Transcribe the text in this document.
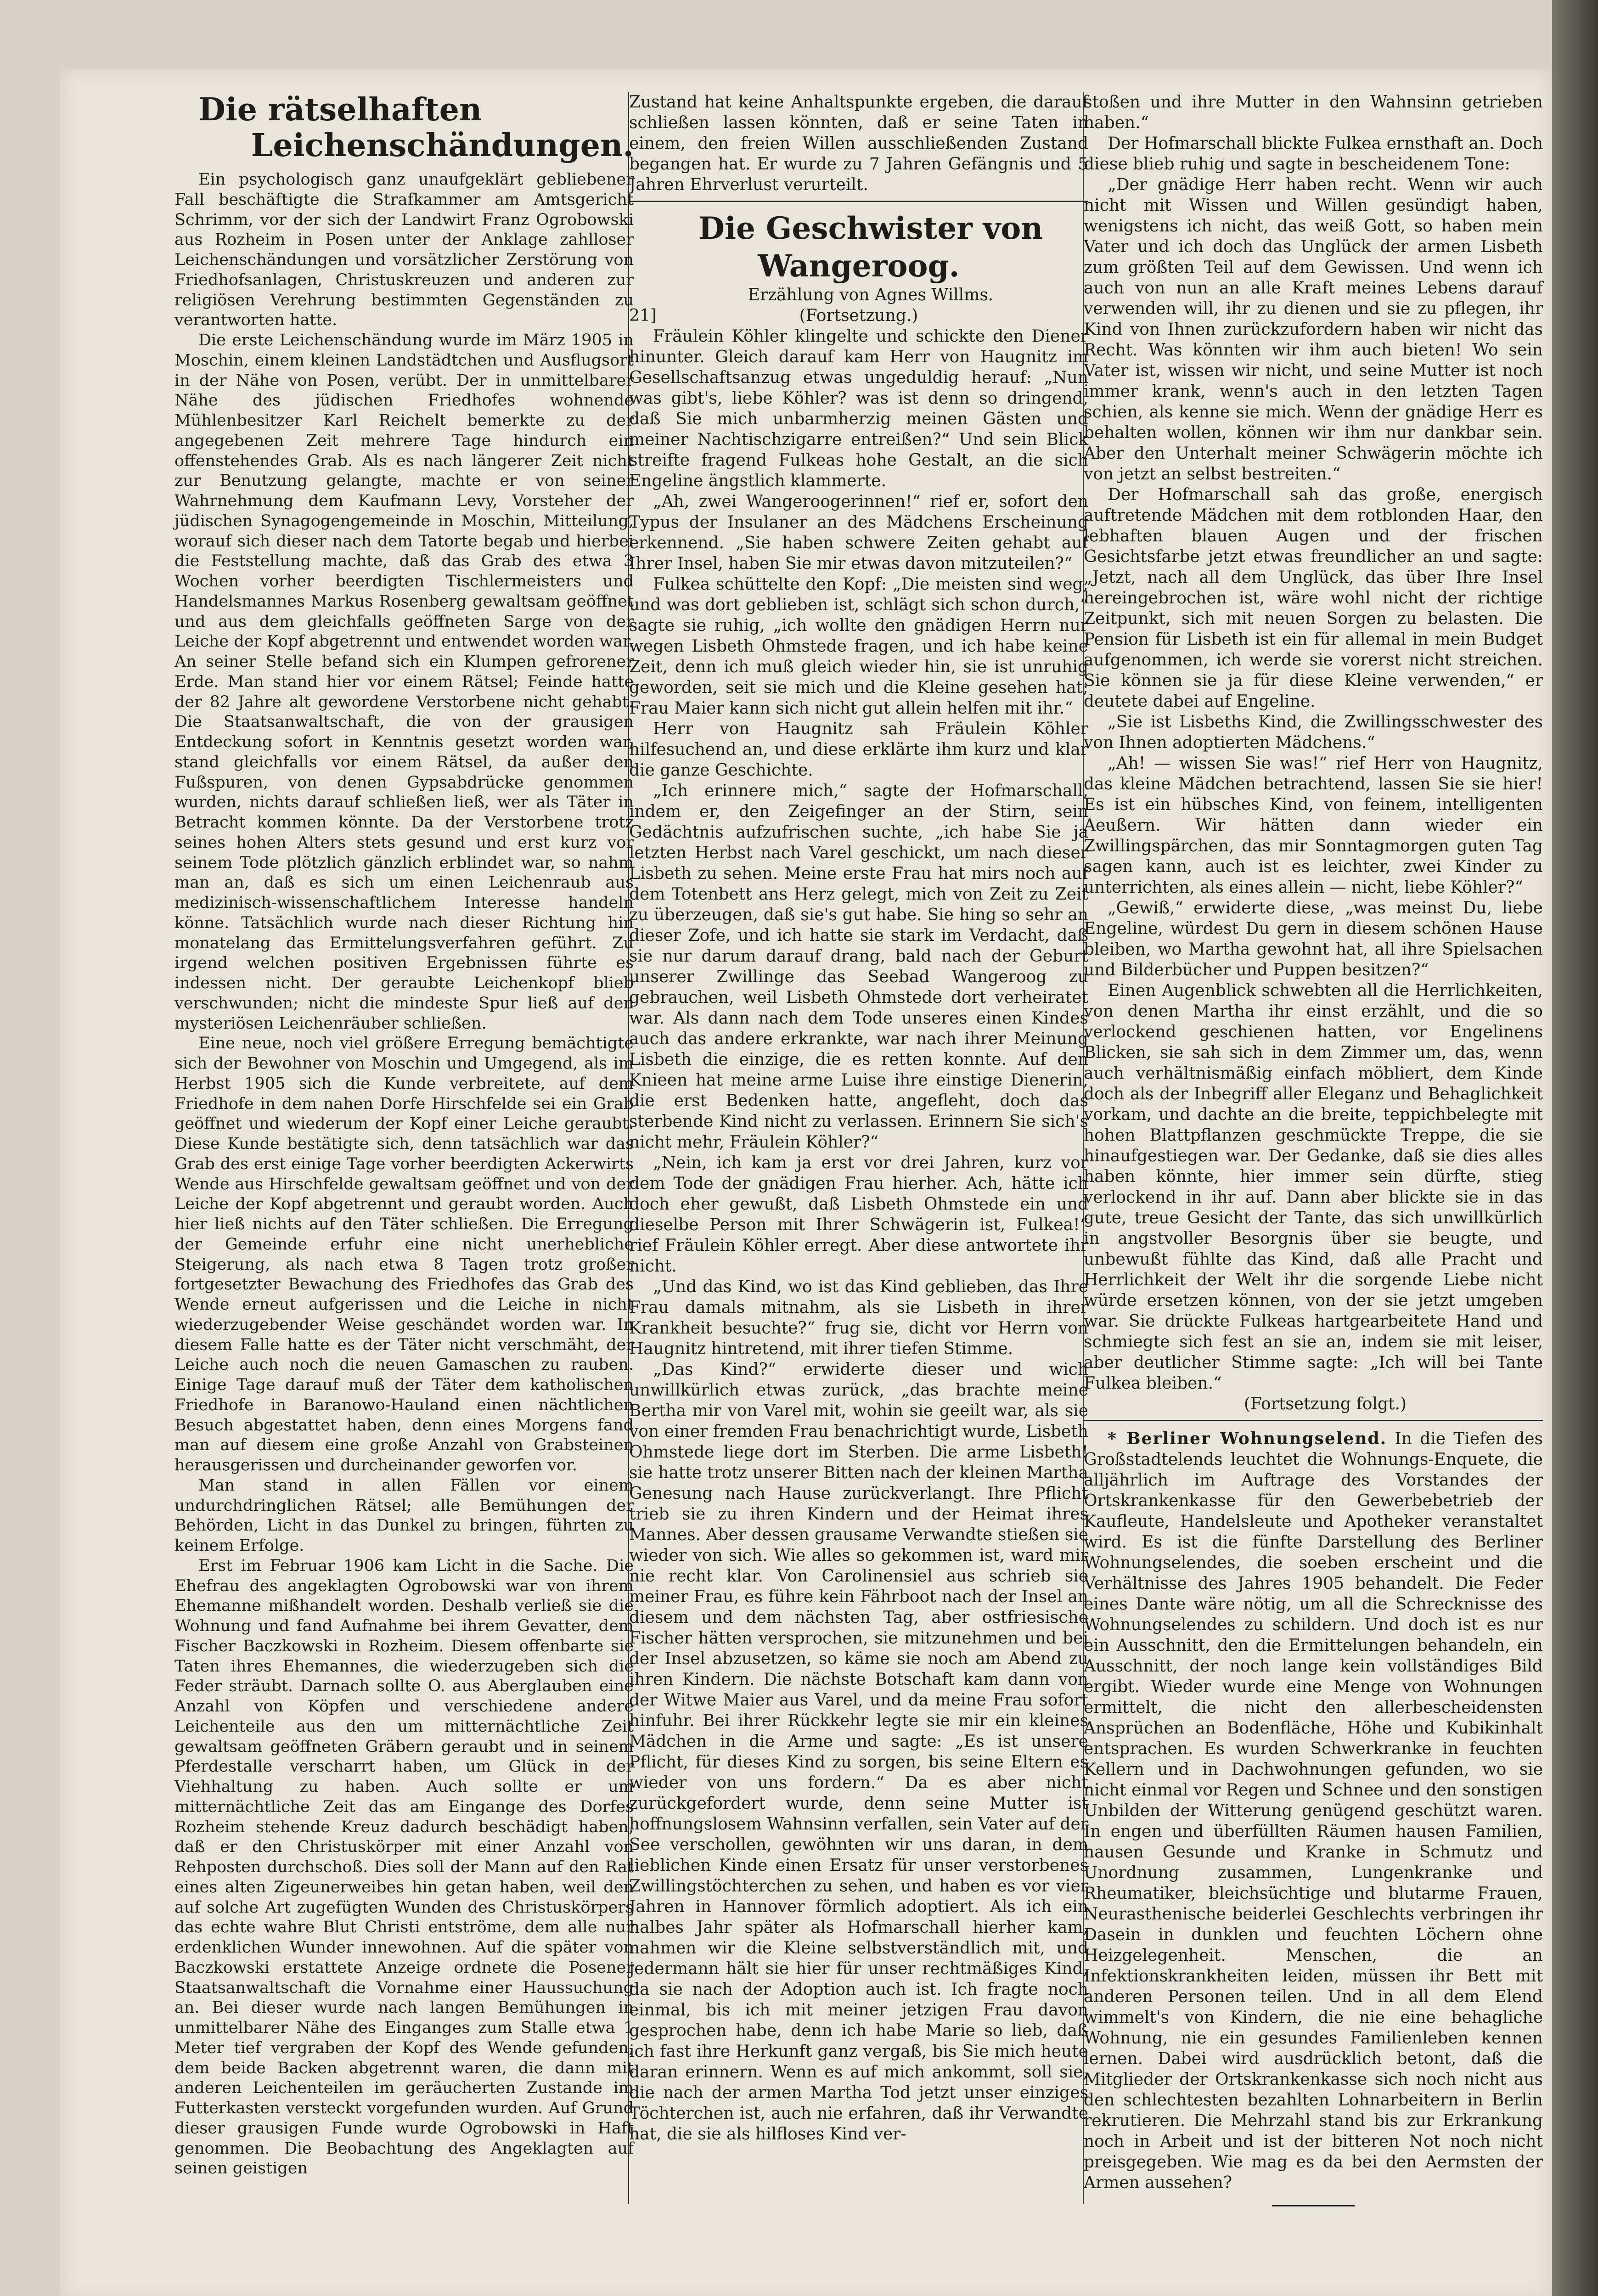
Die rätselhaften

Leichenschändungen.

Ein psychologisch ganz unaufgeklärt gebliebener Fall beschäftigte die Strafkammer am Amtsgericht Schrimm, vor der sich der Landwirt Franz Ogrobowski aus Rozheim in Posen unter der Anklage zahlloser Leichenschändungen und vorsätzlicher Zerstörung von Friedhofsanlagen, Christuskreuzen und anderen zur religiösen Verehrung bestimmten Gegenständen zu verantworten hatte.

Die erste Leichenschändung wurde im März 1905 in Moschin, einem kleinen Landstädtchen und Ausflugsort in der Nähe von Posen, verübt. Der in unmittelbarer Nähe des jüdischen Friedhofes wohnende Mühlenbesitzer Karl Reichelt bemerkte zu der angegebenen Zeit mehrere Tage hindurch ein offenstehendes Grab. Als es nach längerer Zeit nicht zur Benutzung gelangte, machte er von seiner Wahrnehmung dem Kaufmann Levy, Vorsteher der jüdischen Synagogengemeinde in Moschin, Mitteilung, worauf sich dieser nach dem Tatorte begab und hierbei die Feststellung machte, daß das Grab des etwa 3 Wochen vorher beerdigten Tischlermeisters und Handelsmannes Markus Rosenberg gewaltsam geöffnet und aus dem gleichfalls geöffneten Sarge von der Leiche der Kopf abgetrennt und entwendet worden war. An seiner Stelle befand sich ein Klumpen gefrorener Erde. Man stand hier vor einem Rätsel; Feinde hatte der 82 Jahre alt gewordene Verstorbene nicht gehabt. Die Staatsanwaltschaft, die von der grausigen Entdeckung sofort in Kenntnis gesetzt worden war, stand gleichfalls vor einem Rätsel, da außer den Fußspuren, von denen Gypsabdrücke genommen wurden, nichts darauf schließen ließ, wer als Täter in Betracht kommen könnte. Da der Verstorbene trotz seines hohen Alters stets gesund und erst kurz vor seinem Tode plötzlich gänzlich erblindet war, so nahm man an, daß es sich um einen Leichenraub aus medizinisch-wissenschaftlichem Interesse handeln könne. Tatsächlich wurde nach dieser Richtung hin monatelang das Ermittelungsverfahren geführt. Zu irgend welchen positiven Ergebnissen führte es indessen nicht. Der geraubte Leichenkopf blieb verschwunden; nicht die mindeste Spur ließ auf den mysteriösen Leichenräuber schließen.

Eine neue, noch viel größere Erregung bemächtigte sich der Bewohner von Moschin und Umgegend, als im Herbst 1905 sich die Kunde verbreitete, auf dem Friedhofe in dem nahen Dorfe Hirschfelde sei ein Grab geöffnet und wiederum der Kopf einer Leiche geraubt. Diese Kunde bestätigte sich, denn tatsächlich war das Grab des erst einige Tage vorher beerdigten Ackerwirts Wende aus Hirschfelde gewaltsam geöffnet und von der Leiche der Kopf abgetrennt und geraubt worden. Auch hier ließ nichts auf den Täter schließen. Die Erregung der Gemeinde erfuhr eine nicht unerhebliche Steigerung, als nach etwa 8 Tagen trotz großer fortgesetzter Bewachung des Friedhofes das Grab des Wende erneut aufgerissen und die Leiche in nicht wiederzugebender Weise geschändet worden war. In diesem Falle hatte es der Täter nicht verschmäht, der Leiche auch noch die neuen Gamaschen zu rauben. Einige Tage darauf muß der Täter dem katholischen Friedhofe in Baranowo-Hauland einen nächtlichen Besuch abgestattet haben, denn eines Morgens fand man auf diesem eine große Anzahl von Grabsteinen herausgerissen und durcheinander geworfen vor.

Man stand in allen Fällen vor einem undurchdringlichen Rätsel; alle Bemühungen der Behörden, Licht in das Dunkel zu bringen, führten zu keinem Erfolge.

Erst im Februar 1906 kam Licht in die Sache. Die Ehefrau des angeklagten Ogrobowski war von ihrem Ehemanne mißhandelt worden. Deshalb verließ sie die Wohnung und fand Aufnahme bei ihrem Gevatter, dem Fischer Baczkowski in Rozheim. Diesem offenbarte sie Taten ihres Ehemannes, die wiederzugeben sich die Feder sträubt. Darnach sollte O. aus Aberglauben eine Anzahl von Köpfen und verschiedene andere Leichenteile aus den um mitternächtliche Zeit gewaltsam geöffneten Gräbern geraubt und in seinem Pferdestalle verscharrt haben, um Glück in der Viehhaltung zu haben. Auch sollte er um mitternächtliche Zeit das am Eingange des Dorfes Rozheim stehende Kreuz dadurch beschädigt haben, daß er den Christuskörper mit einer Anzahl von Rehposten durchschoß. Dies soll der Mann auf den Rat eines alten Zigeunerweibes hin getan haben, weil den auf solche Art zugefügten Wunden des Christuskörpers das echte wahre Blut Christi entströme, dem alle nur erdenklichen Wunder innewohnen. Auf die später von Baczkowski erstattete Anzeige ordnete die Posener Staatsanwaltschaft die Vornahme einer Haussuchung an. Bei dieser wurde nach langen Bemühungen in unmittelbarer Nähe des Einganges zum Stalle etwa 1 Meter tief vergraben der Kopf des Wende gefunden, dem beide Backen abgetrennt waren, die dann mit anderen Leichenteilen im geräucherten Zustande im Futterkasten versteckt vorgefunden wurden. Auf Grund dieser grausigen Funde wurde Ogrobowski in Haft genommen. Die Beobachtung des Angeklagten auf seinen geistigen

Zustand hat keine Anhaltspunkte ergeben, die darauf schließen lassen könnten, daß er seine Taten in einem, den freien Willen ausschließenden Zustand begangen hat. Er wurde zu 7 Jahren Gefängnis und 5 Jahren Ehrverlust verurteilt.

Die Geschwister von Wangeroog.

Erzählung von Agnes Willms.

21]	(Fortsetzung.)

Fräulein Köhler klingelte und schickte den Diener hinunter. Gleich darauf kam Herr von Haugnitz im Gesellschaftsanzug etwas ungeduldig herauf: „Nun was gibt's, liebe Köhler? was ist denn so dringend, daß Sie mich unbarmherzig meinen Gästen und meiner Nachtischzigarre entreißen?“ Und sein Blick streifte fragend Fulkeas hohe Gestalt, an die sich Engeline ängstlich klammerte.

„Ah, zwei Wangeroogerinnen!“ rief er, sofort den Typus der Insulaner an des Mädchens Erscheinung erkennend. „Sie haben schwere Zeiten gehabt auf Ihrer Insel, haben Sie mir etwas davon mitzuteilen?“

Fulkea schüttelte den Kopf: „Die meisten sind weg, und was dort geblieben ist, schlägt sich schon durch,“ sagte sie ruhig, „ich wollte den gnädigen Herrn nur wegen Lisbeth Ohmstede fragen, und ich habe keine Zeit, denn ich muß gleich wieder hin, sie ist unruhig geworden, seit sie mich und die Kleine gesehen hat; Frau Maier kann sich nicht gut allein helfen mit ihr.“

Herr von Haugnitz sah Fräulein Köhler hilfesuchend an, und diese erklärte ihm kurz und klar die ganze Geschichte.

„Ich erinnere mich,“ sagte der Hofmarschall, indem er, den Zeigefinger an der Stirn, sein Gedächtnis aufzufrischen suchte, „ich habe Sie ja letzten Herbst nach Varel geschickt, um nach dieser Lisbeth zu sehen. Meine erste Frau hat mirs noch auf dem Totenbett ans Herz gelegt, mich von Zeit zu Zeit zu überzeugen, daß sie's gut habe. Sie hing so sehr an dieser Zofe, und ich hatte sie stark im Verdacht, daß sie nur darum darauf drang, bald nach der Geburt unserer Zwillinge das Seebad Wangeroog zu gebrauchen, weil Lisbeth Ohmstede dort verheiratet war. Als dann nach dem Tode unseres einen Kindes auch das andere erkrankte, war nach ihrer Meinung Lisbeth die einzige, die es retten konnte. Auf den Knieen hat meine arme Luise ihre einstige Dienerin, die erst Bedenken hatte, angefleht, doch das sterbende Kind nicht zu verlassen. Erinnern Sie sich's nicht mehr, Fräulein Köhler?“

„Nein, ich kam ja erst vor drei Jahren, kurz vor dem Tode der gnädigen Frau hierher. Ach, hätte ich doch eher gewußt, daß Lisbeth Ohmstede ein und dieselbe Person mit Ihrer Schwägerin ist, Fulkea!“ rief Fräulein Köhler erregt. Aber diese antwortete ihr nicht.

„Und das Kind, wo ist das Kind geblieben, das Ihre Frau damals mitnahm, als sie Lisbeth in ihrer Krankheit besuchte?“ frug sie, dicht vor Herrn von Haugnitz hintretend, mit ihrer tiefen Stimme.

„Das Kind?“ erwiderte dieser und wich unwillkürlich etwas zurück, „das brachte meine Bertha mir von Varel mit, wohin sie geeilt war, als sie von einer fremden Frau benachrichtigt wurde, Lisbeth Ohmstede liege dort im Sterben. Die arme Lisbeth! sie hatte trotz unserer Bitten nach der kleinen Martha Genesung nach Hause zurückverlangt. Ihre Pflicht trieb sie zu ihren Kindern und der Heimat ihres Mannes. Aber dessen grausame Verwandte stießen sie wieder von sich. Wie alles so gekommen ist, ward mir nie recht klar. Von Carolinensiel aus schrieb sie meiner Frau, es führe kein Fährboot nach der Insel an diesem und dem nächsten Tag, aber ostfriesische Fischer hätten versprochen, sie mitzunehmen und bei der Insel abzusetzen, so käme sie noch am Abend zu ihren Kindern. Die nächste Botschaft kam dann von der Witwe Maier aus Varel, und da meine Frau sofort hinfuhr. Bei ihrer Rückkehr legte sie mir ein kleines Mädchen in die Arme und sagte: „Es ist unsere Pflicht, für dieses Kind zu sorgen, bis seine Eltern es wieder von uns fordern.“ Da es aber nicht zurückgefordert wurde, denn seine Mutter ist hoffnungslosem Wahnsinn verfallen, sein Vater auf der See verschollen, gewöhnten wir uns daran, in dem lieblichen Kinde einen Ersatz für unser verstorbenes Zwillingstöchterchen zu sehen, und haben es vor vier Jahren in Hannover förmlich adoptiert. Als ich ein halbes Jahr später als Hofmarschall hierher kam, nahmen wir die Kleine selbstverständlich mit, und jedermann hält sie hier für unser rechtmäßiges Kind, da sie nach der Adoption auch ist. Ich fragte noch einmal, bis ich mit meiner jetzigen Frau davon gesprochen habe, denn ich habe Marie so lieb, daß ich fast ihre Herkunft ganz vergaß, bis Sie mich heute daran erinnern. Wenn es auf mich ankommt, soll sie, die nach der armen Martha Tod jetzt unser einziges Töchterchen ist, auch nie erfahren, daß ihr Verwandte hat, die sie als hilfloses Kind ver-

stoßen und ihre Mutter in den Wahnsinn getrieben haben.“

Der Hofmarschall blickte Fulkea ernsthaft an. Doch diese blieb ruhig und sagte in bescheidenem Tone:

„Der gnädige Herr haben recht. Wenn wir auch nicht mit Wissen und Willen gesündigt haben, wenigstens ich nicht, das weiß Gott, so haben mein Vater und ich doch das Unglück der armen Lisbeth zum größten Teil auf dem Gewissen. Und wenn ich auch von nun an alle Kraft meines Lebens darauf verwenden will, ihr zu dienen und sie zu pflegen, ihr Kind von Ihnen zurückzufordern haben wir nicht das Recht. Was könnten wir ihm auch bieten! Wo sein Vater ist, wissen wir nicht, und seine Mutter ist noch immer krank, wenn's auch in den letzten Tagen schien, als kenne sie mich. Wenn der gnädige Herr es behalten wollen, können wir ihm nur dankbar sein. Aber den Unterhalt meiner Schwägerin möchte ich von jetzt an selbst bestreiten.“

Der Hofmarschall sah das große, energisch auftretende Mädchen mit dem rotblonden Haar, den lebhaften blauen Augen und der frischen Gesichtsfarbe jetzt etwas freundlicher an und sagte: „Jetzt, nach all dem Unglück, das über Ihre Insel hereingebrochen ist, wäre wohl nicht der richtige Zeitpunkt, sich mit neuen Sorgen zu belasten. Die Pension für Lisbeth ist ein für allemal in mein Budget aufgenommen, ich werde sie vorerst nicht streichen. Sie können sie ja für diese Kleine verwenden,“ er deutete dabei auf Engeline.

„Sie ist Lisbeths Kind, die Zwillingsschwester des von Ihnen adoptierten Mädchens.“

„Ah! — wissen Sie was!“ rief Herr von Haugnitz, das kleine Mädchen betrachtend, lassen Sie sie hier! Es ist ein hübsches Kind, von feinem, intelligenten Aeußern. Wir hätten dann wieder ein Zwillingspärchen, das mir Sonntagmorgen guten Tag sagen kann, auch ist es leichter, zwei Kinder zu unterrichten, als eines allein — nicht, liebe Köhler?“

„Gewiß,“ erwiderte diese, „was meinst Du, liebe Engeline, würdest Du gern in diesem schönen Hause bleiben, wo Martha gewohnt hat, all ihre Spielsachen und Bilderbücher und Puppen besitzen?“

Einen Augenblick schwebten all die Herrlichkeiten, von denen Martha ihr einst erzählt, und die so verlockend geschienen hatten, vor Engelinens Blicken, sie sah sich in dem Zimmer um, das, wenn auch verhältnismäßig einfach möbliert, dem Kinde doch als der Inbegriff aller Eleganz und Behaglichkeit vorkam, und dachte an die breite, teppichbelegte mit hohen Blattpflanzen geschmückte Treppe, die sie hinaufgestiegen war. Der Gedanke, daß sie dies alles haben könnte, hier immer sein dürfte, stieg verlockend in ihr auf. Dann aber blickte sie in das gute, treue Gesicht der Tante, das sich unwillkürlich in angstvoller Besorgnis über sie beugte, und unbewußt fühlte das Kind, daß alle Pracht und Herrlichkeit der Welt ihr die sorgende Liebe nicht würde ersetzen können, von der sie jetzt umgeben war. Sie drückte Fulkeas hartgearbeitete Hand und schmiegte sich fest an sie an, indem sie mit leiser, aber deutlicher Stimme sagte: „Ich will bei Tante Fulkea bleiben.“

(Fortsetzung folgt.)

* Berliner Wohnungselend. In die Tiefen des Großstadtelends leuchtet die Wohnungs-Enquete, die alljährlich im Auftrage des Vorstandes der Ortskrankenkasse für den Gewerbebetrieb der Kaufleute, Handelsleute und Apotheker veranstaltet wird. Es ist die fünfte Darstellung des Berliner Wohnungselendes, die soeben erscheint und die Verhältnisse des Jahres 1905 behandelt. Die Feder eines Dante wäre nötig, um all die Schrecknisse des Wohnungselendes zu schildern. Und doch ist es nur ein Ausschnitt, den die Ermittelungen behandeln, ein Ausschnitt, der noch lange kein vollständiges Bild ergibt. Wieder wurde eine Menge von Wohnungen ermittelt, die nicht den allerbescheidensten Ansprüchen an Bodenfläche, Höhe und Kubikinhalt entsprachen. Es wurden Schwerkranke in feuchten Kellern und in Dachwohnungen gefunden, wo sie nicht einmal vor Regen und Schnee und den sonstigen Unbilden der Witterung genügend geschützt waren. In engen und überfüllten Räumen hausen Familien, hausen Gesunde und Kranke in Schmutz und Unordnung zusammen, Lungenkranke und Rheumatiker, bleichsüchtige und blutarme Frauen, Neurasthenische beiderlei Geschlechts verbringen ihr Dasein in dunklen und feuchten Löchern ohne Heizgelegenheit. Menschen, die an Infektionskrankheiten leiden, müssen ihr Bett mit anderen Personen teilen. Und in all dem Elend wimmelt's von Kindern, die nie eine behagliche Wohnung, nie ein gesundes Familienleben kennen lernen. Dabei wird ausdrücklich betont, daß die Mitglieder der Ortskrankenkasse sich noch nicht aus den schlechtesten bezahlten Lohnarbeitern in Berlin rekrutieren. Die Mehrzahl stand bis zur Erkrankung noch in Arbeit und ist der bitteren Not noch nicht preisgegeben. Wie mag es da bei den Aermsten der Armen aussehen?
